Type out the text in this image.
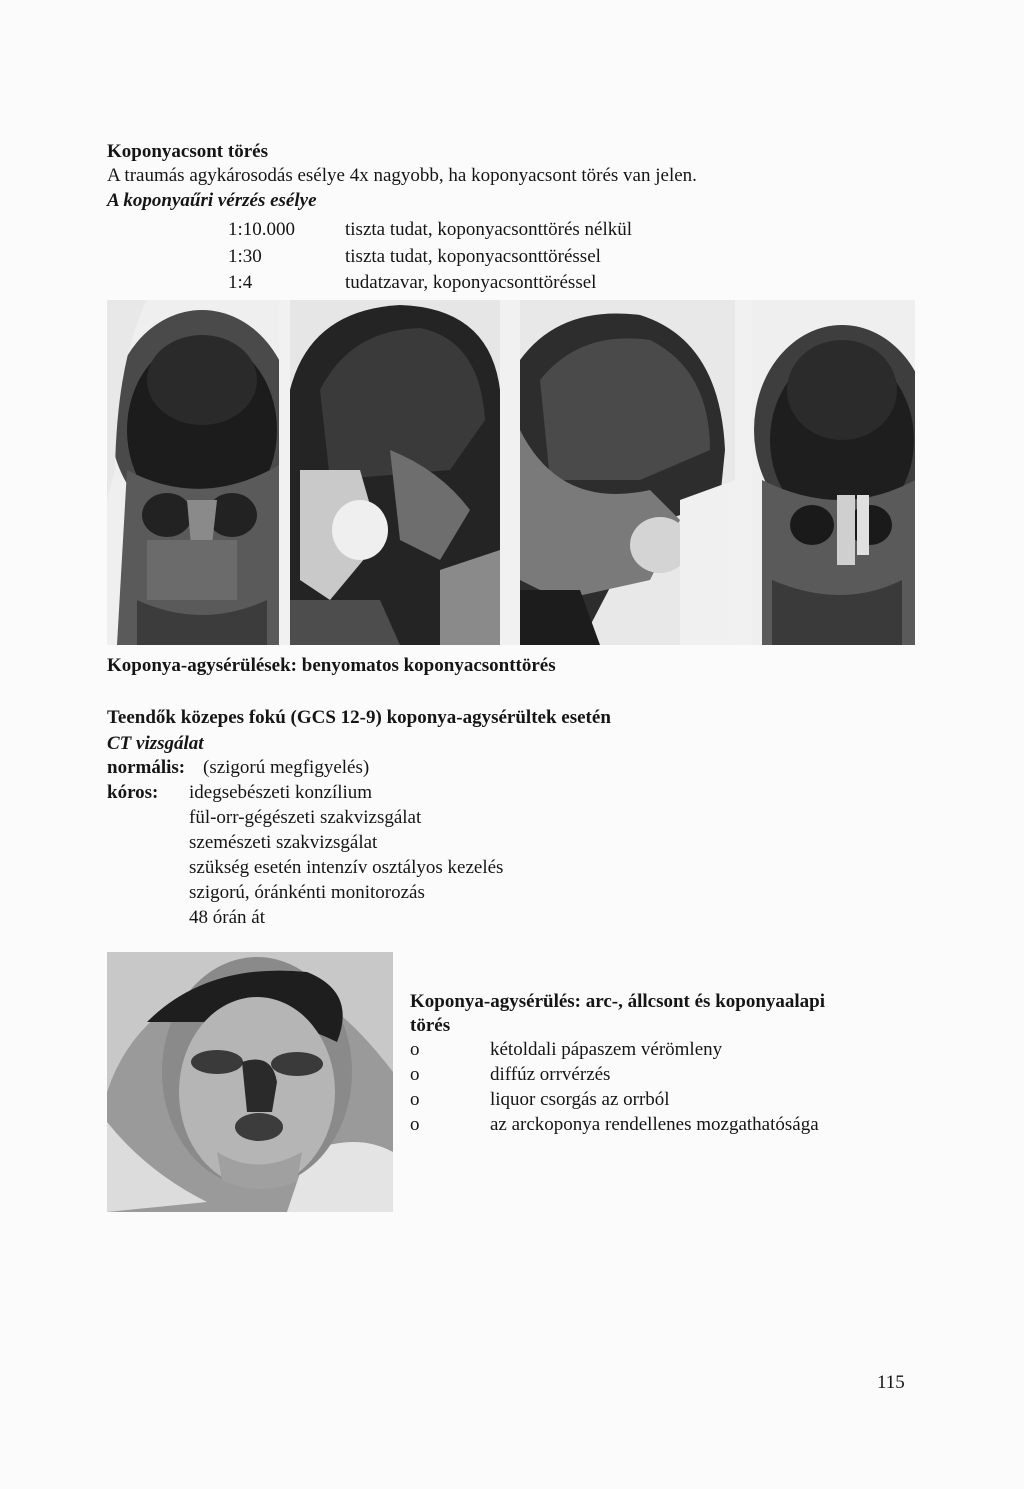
Koponyacsont törés
A traumás agykárosodás esélye 4x nagyobb, ha koponyacsont törés van jelen.
A koponyaűri vérzés esélye
1:10.000	tiszta tudat, koponyacsonttörés nélkül
1:30	tiszta tudat, koponyacsonttöréssel
1:4	tudatzavar, koponyacsonttöréssel
Koponya-agysérülések: benyomatos koponyacsonttörés
Teendők közepes fokú (GCS 12-9) koponya-agysérültek esetén
CT vizsgálat
normális: (szigorú megfigyelés)
kóros: idegsebészeti konzílium
fül-orr-gégészeti szakvizsgálat
szemészeti szakvizsgálat
szükség esetén intenzív osztályos kezelés
szigorú, óránkénti monitorozás
48 órán át
Koponya-agysérülés: arc-, állcsont és koponyaalapi
törés
o	kétoldali pápaszem vérömleny
o	diffúz orrvérzés
o	liquor csorgás az orrból
o	az arckoponya rendellenes mozgathatósága
115
